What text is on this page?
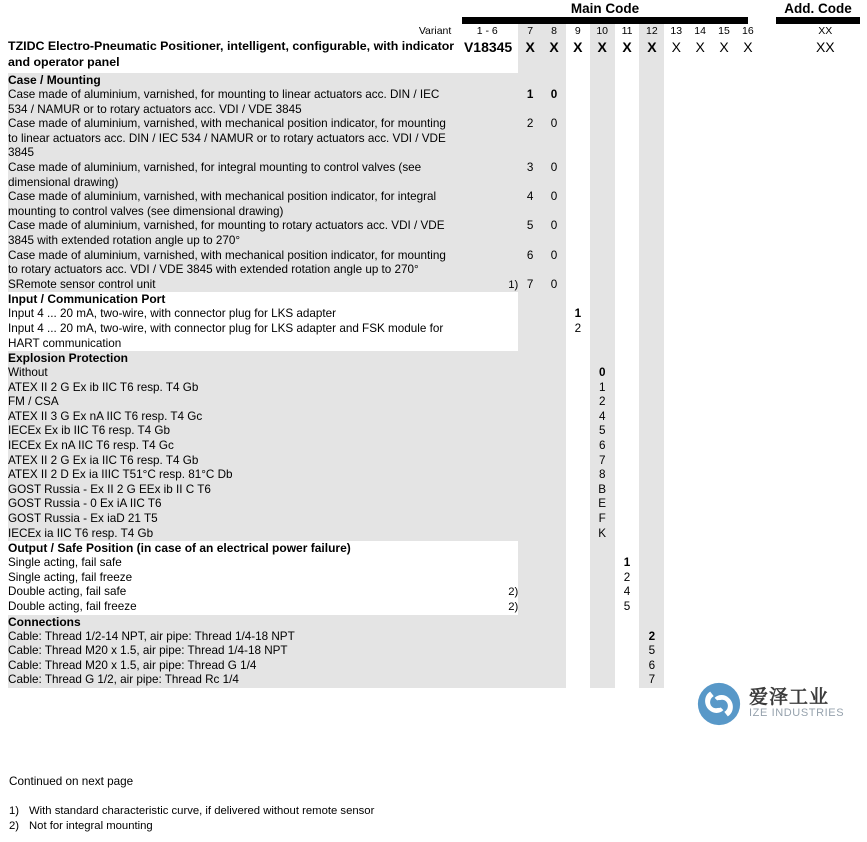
Main Code	Add. Code
Variant	1 - 6	7	8	9	10	11	12	13	14	15	16		XX
TZIDC Electro-Pneumatic Positioner, intelligent, configurable, with indicator and operator panel	V18345	X	X	X	X	X	X	X	X	X	X		XX
Case / Mounting													
Case made of aluminium, varnished, for mounting to linear actuators acc. DIN / IEC 534 / NAMUR or to rotary actuators acc. VDI / VDE 3845		1	0										
Case made of aluminium, varnished, with mechanical position indicator, for mounting to linear actuators acc. DIN / IEC 534 / NAMUR or to rotary actuators acc. VDI / VDE 3845		2	0										
Case made of aluminium, varnished, for integral mounting to control valves (see dimensional drawing)		3	0										
Case made of aluminium, varnished, with mechanical position indicator, for integral mounting to control valves (see dimensional drawing)		4	0										
Case made of aluminium, varnished, for mounting to rotary actuators acc. VDI / VDE 3845 with extended rotation angle up to 270°		5	0										
Case made of aluminium, varnished, with mechanical position indicator, for mounting to rotary actuators acc. VDI / VDE 3845 with extended rotation angle up to 270°		6	0										
SRemote sensor control unit	1)	7	0										
Input / Communication Port													
Input 4 ... 20 mA, two-wire, with connector plug for LKS adapter				1									
Input 4 ... 20 mA, two-wire, with connector plug for LKS adapter and FSK module for HART communication				2									
Explosion Protection													
Without					0								
ATEX II 2 G Ex ib IIC T6 resp. T4 Gb					1								
FM / CSA					2								
ATEX II 3 G Ex nA IIC T6 resp. T4 Gc					4								
IECEx Ex ib IIC T6 resp. T4 Gb					5								
IECEx Ex nA IIC T6 resp. T4 Gc					6								
ATEX II 2 G Ex ia IIC T6 resp. T4 Gb					7								
ATEX II 2 D Ex ia IIIC T51°C resp. 81°C Db					8								
GOST Russia - Ex II 2 G EEx ib II C T6					B								
GOST Russia - 0 Ex iA IIC T6					E								
GOST Russia - Ex iaD 21 T5					F								
IECEx ia IIC T6 resp. T4 Gb					K								
Output / Safe Position (in case of an electrical power failure)													
Single acting, fail safe						1							
Single acting, fail freeze						2							
Double acting, fail safe	2)					4							
Double acting, fail freeze	2)					5							
Connections													
Cable: Thread 1/2-14 NPT, air pipe: Thread 1/4-18 NPT							2						
Cable: Thread M20 x 1.5, air pipe: Thread 1/4-18 NPT							5						
Cable: Thread M20 x 1.5, air pipe: Thread G 1/4							6						
Cable: Thread G 1/2, air pipe: Thread Rc 1/4							7						
Continued on next page
1) With standard characteristic curve, if delivered without remote sensor
2) Not for integral mounting
爱泽工业
IZE INDUSTRIES
